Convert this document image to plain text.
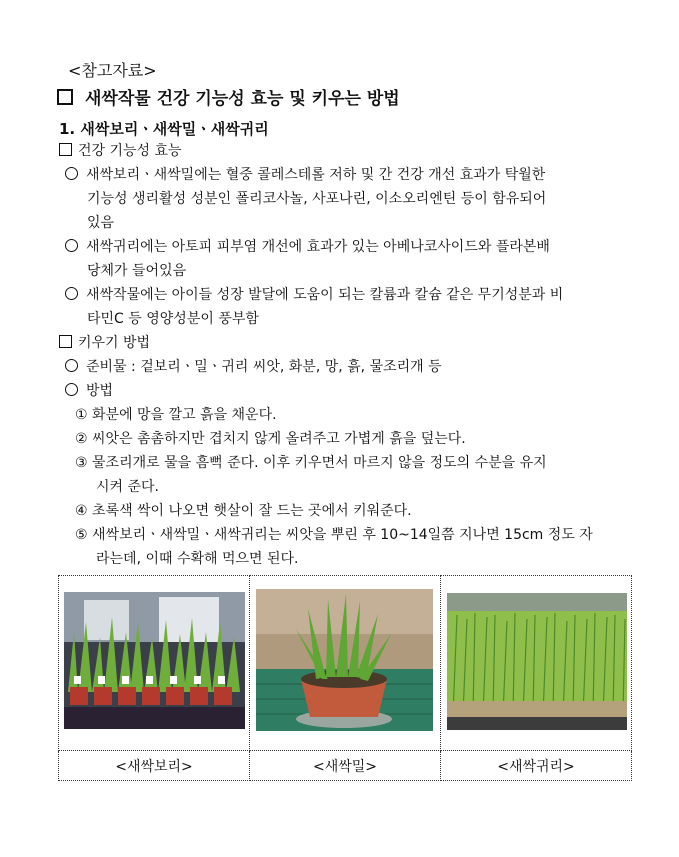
<참고자료>
새싹작물 건강 기능성 효능 및 키우는 방법
1. 새싹보리ㆍ새싹밀ㆍ새싹귀리
건강 기능성 효능
새싹보리ㆍ새싹밀에는 혈중 콜레스테롤 저하 및 간 건강 개선 효과가 탁월한
기능성 생리활성 성분인 폴리코사놀, 사포나린, 이소오리엔틴 등이 함유되어
있음
새싹귀리에는 아토피 피부염 개선에 효과가 있는 아베나코사이드와 플라본배
당체가 들어있음
새싹작물에는 아이들 성장 발달에 도움이 되는 칼륨과 칼슘 같은 무기성분과 비
타민C 등 영양성분이 풍부함
키우기 방법
준비물 : 겉보리ㆍ밀ㆍ귀리 씨앗, 화분, 망, 흙, 물조리개 등
방법
① 화분에 망을 깔고 흙을 채운다.
② 씨앗은 촘촘하지만 겹치지 않게 올려주고 가볍게 흙을 덮는다.
③ 물조리개로 물을 흠뻑 준다. 이후 키우면서 마르지 않을 정도의 수분을 유지
시켜 준다.
④ 초록색 싹이 나오면 햇살이 잘 드는 곳에서 키워준다.
⑤ 새싹보리ㆍ새싹밀ㆍ새싹귀리는 씨앗을 뿌린 후 10~14일쯤 지나면 15cm 정도 자
라는데, 이때 수확해 먹으면 된다.

<새싹보리>	<새싹밀>	<새싹귀리>
